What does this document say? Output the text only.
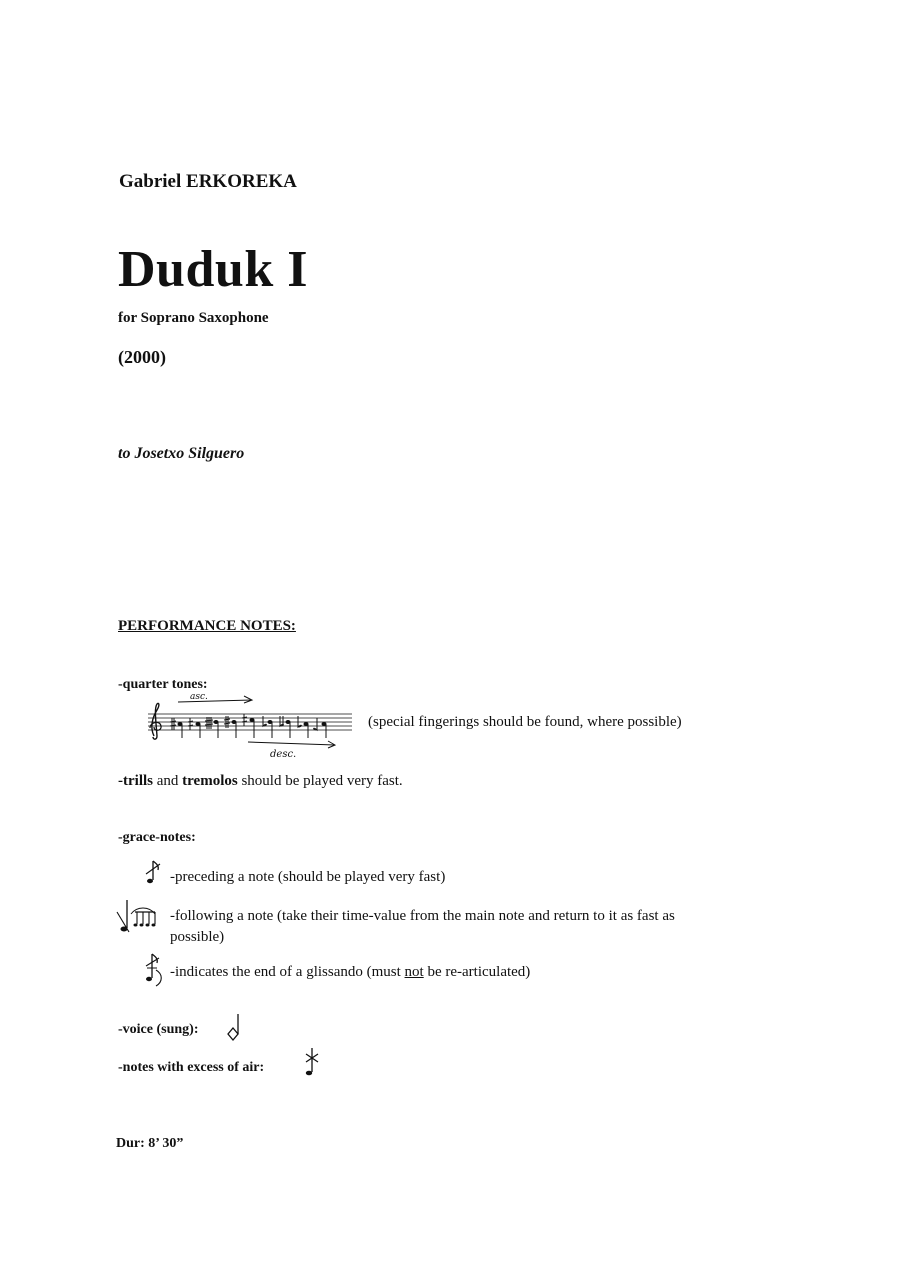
Gabriel ERKOREKA
Duduk I
for Soprano Saxophone
(2000)
to Josetxo Silguero
PERFORMANCE NOTES:
-quarter tones:
asc.
desc.
(special fingerings should be found, where possible)
-trills and tremolos should be played very fast.
-grace-notes:
-preceding a note (should be played very fast)
-following a note (take their time-value from the main note and return to it as fast as possible)
-indicates the end of a glissando (must not be re-articulated)
-voice (sung):
-notes with excess of air:
Dur: 8’ 30”
